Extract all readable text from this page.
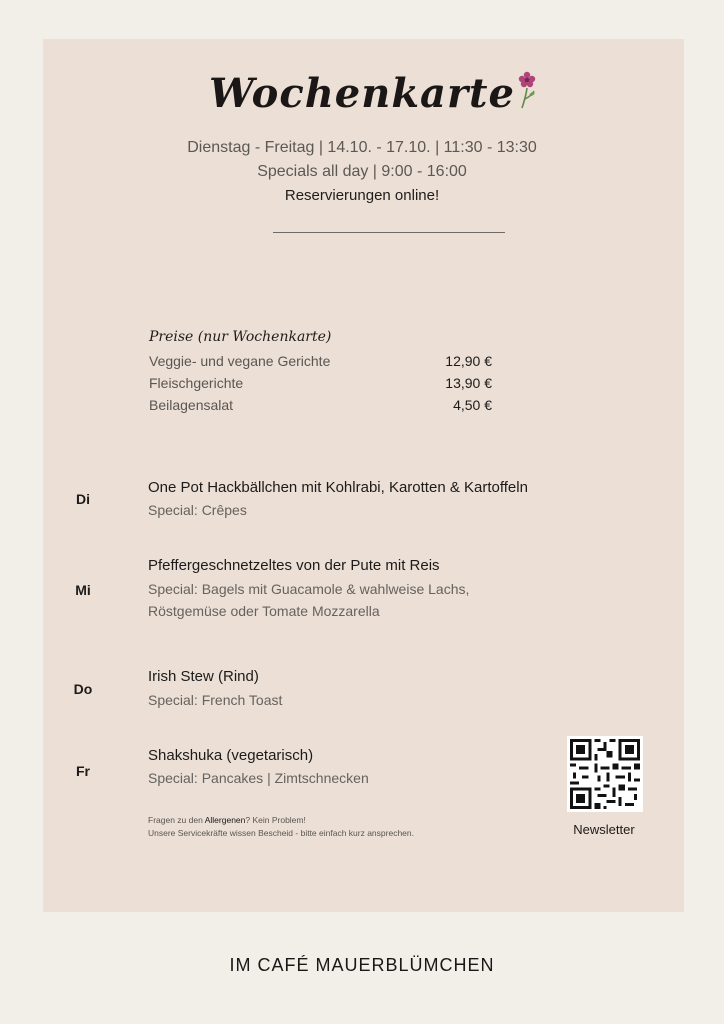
Wochenkarte
Dienstag - Freitag | 14.10. - 17.10. | 11:30 - 13:30
Specials all day | 9:00 - 16:00
Reservierungen online!
Preise (nur Wochenkarte)
Veggie- und vegane Gerichte	12,90 €
Fleischgerichte	13,90 €
Beilagensalat	4,50 €
Di
One Pot Hackbällchen mit Kohlrabi, Karotten & Kartoffeln
Special: Crêpes
Mi
Pfeffergeschnetzeltes von der Pute mit Reis
Special: Bagels mit Guacamole & wahlweise Lachs,
Röstgemüse oder Tomate Mozzarella
Do
Irish Stew (Rind)
Special: French Toast
Fr
Shakshuka (vegetarisch)
Special: Pancakes | Zimtschnecken
Fragen zu den Allergenen? Kein Problem!
Unsere Servicekräfte wissen Bescheid - bitte einfach kurz ansprechen.	Newsletter
IM CAFÉ MAUERBLÜMCHEN
